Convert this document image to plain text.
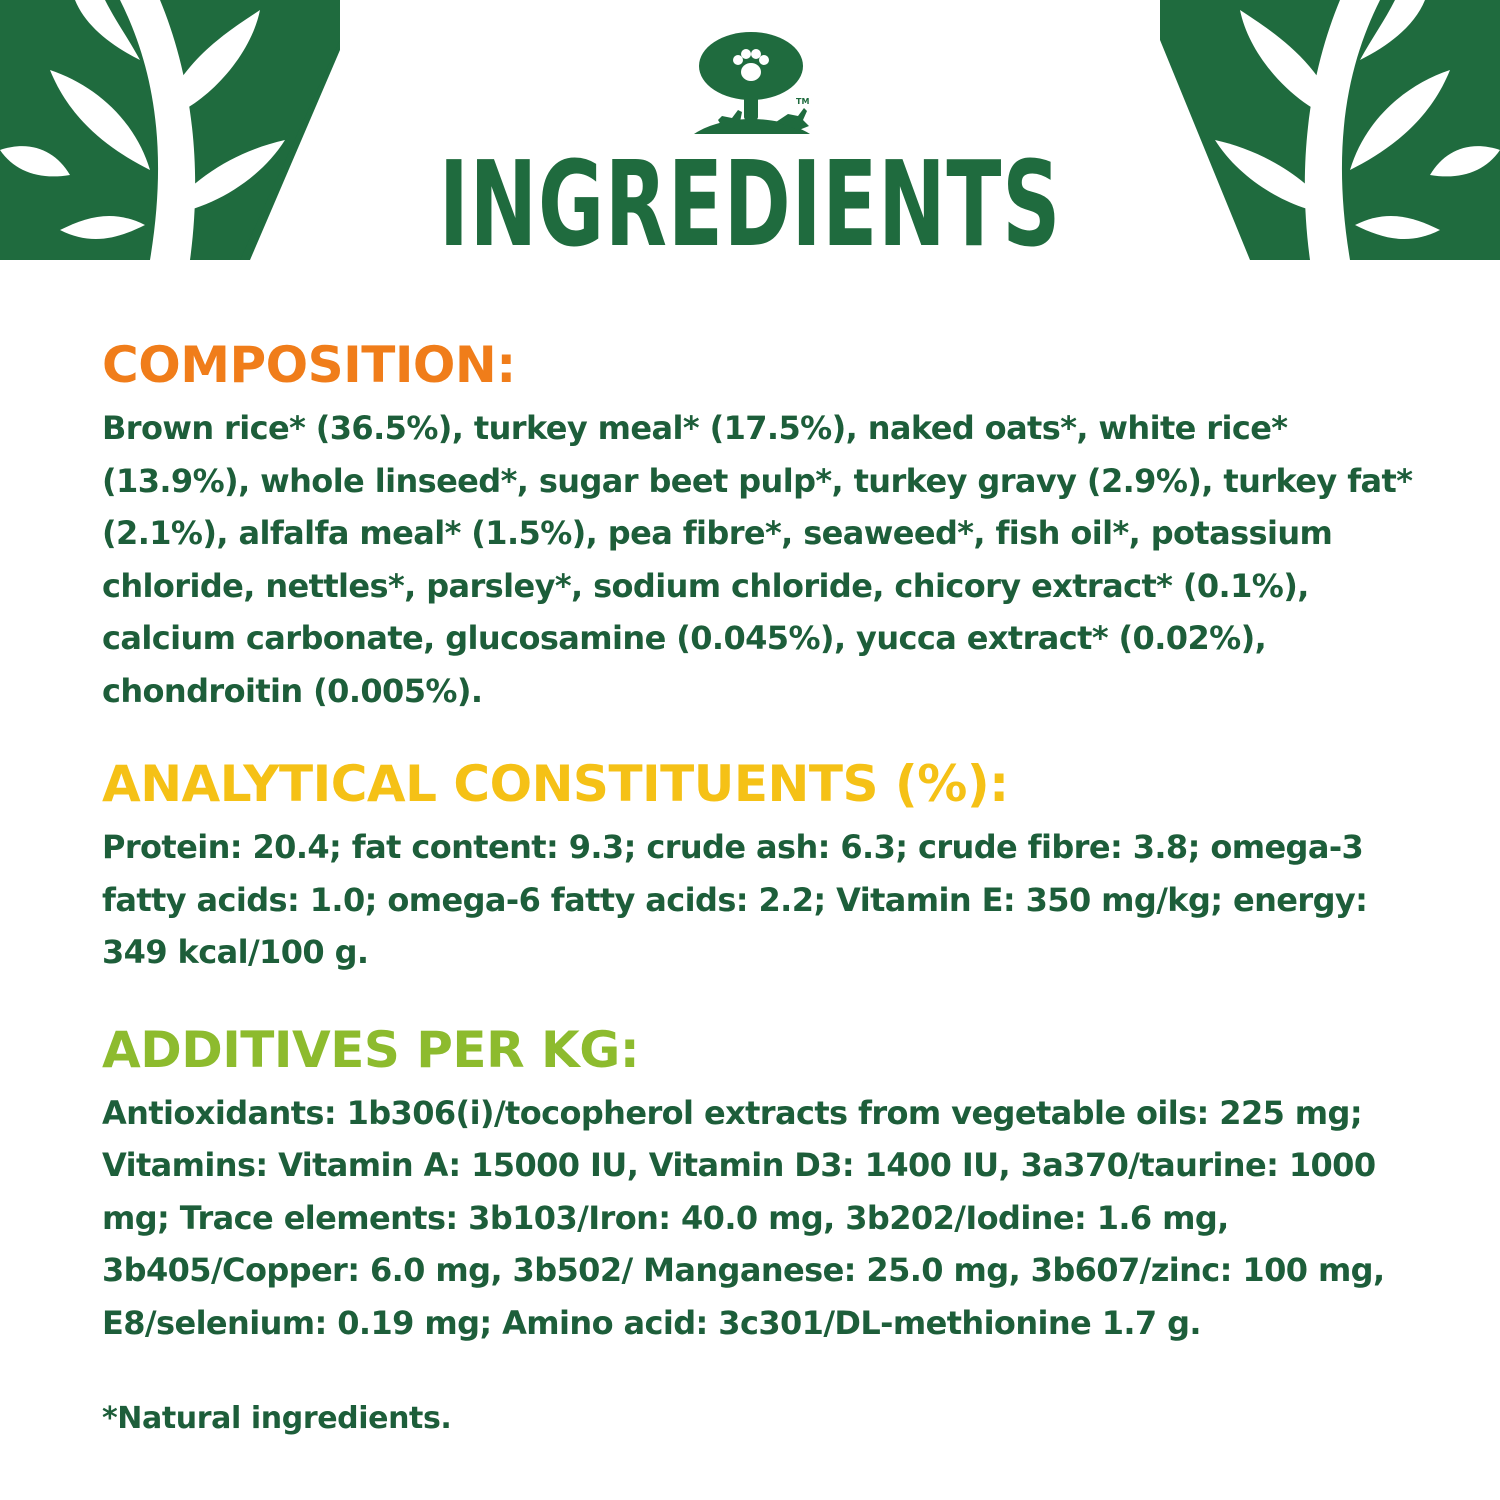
TM
INGREDIENTS
COMPOSITION:

Brown rice* (36.5%), turkey meal* (17.5%), naked oats*, white rice* (13.9%), whole linseed*, sugar beet pulp*, turkey gravy (2.9%), turkey fat* (2.1%), alfalfa meal* (1.5%), pea fibre*, seaweed*, fish oil*, potassium chloride, nettles*, parsley*, sodium chloride, chicory extract* (0.1%), calcium carbonate, glucosamine (0.045%), yucca extract* (0.02%), chondroitin (0.005%).

ANALYTICAL CONSTITUENTS (%):

Protein: 20.4; fat content: 9.3; crude ash: 6.3; crude fibre: 3.8; omega-3 fatty acids: 1.0; omega-6 fatty acids: 2.2; Vitamin E: 350 mg/kg; energy: 349 kcal/100 g.

ADDITIVES PER KG:

Antioxidants: 1b306(i)/tocopherol extracts from vegetable oils: 225 mg; Vitamins: Vitamin A: 15000 IU, Vitamin D3: 1400 IU, 3a370/taurine: 1000 mg; Trace elements: 3b103/Iron: 40.0 mg, 3b202/Iodine: 1.6 mg, 3b405/Copper: 6.0 mg, 3b502/ Manganese: 25.0 mg, 3b607/zinc: 100 mg, E8/selenium: 0.19 mg; Amino acid: 3c301/DL-methionine 1.7 g.

*Natural ingredients.
